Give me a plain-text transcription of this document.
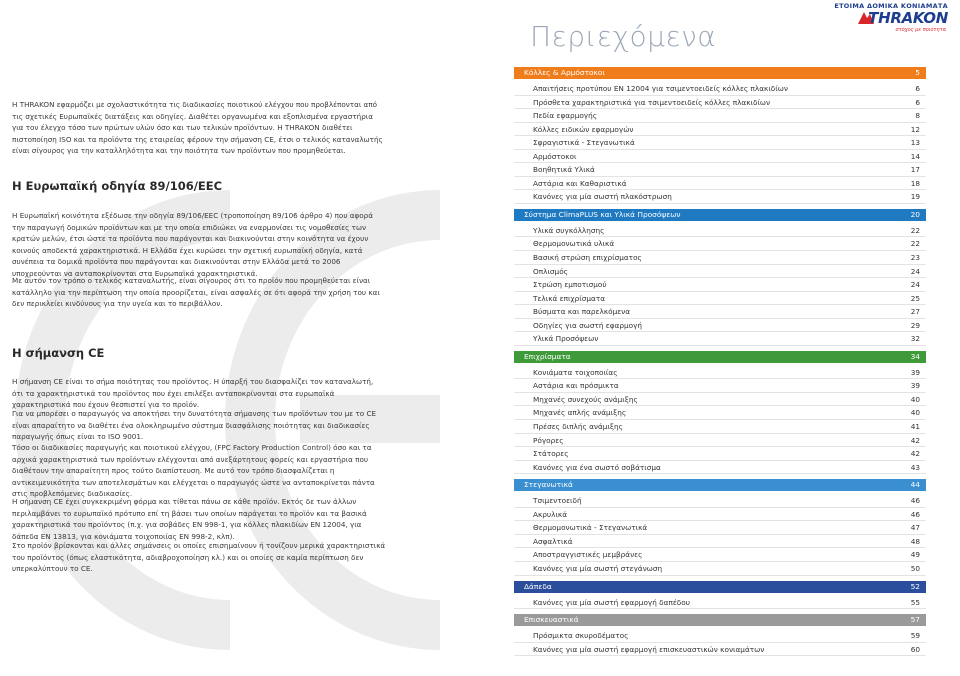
ΕΤΟΙΜΑ ΔΟΜΙΚΑ ΚΟΝΙΑΜΑΤΑ
THRAKON
στόχος με ποιότητα
Περιεχόμενα
Η THRAKON εφαρμόζει με σχολαστικότητα τις διαδικασίες ποιοτικού ελέγχου που προβλέπονται από τις σχετικές Ευρωπαϊκές διατάξεις και οδηγίες. Διαθέτει οργανωμένα και εξοπλισμένα εργαστήρια για τον έλεγχο τόσο των πρώτων υλών όσο και των τελικών προϊόντων. Η THRAKON διαθέτει πιστοποίηση ISO και τα προϊόντα της εταιρείας φέρουν την σήμανση CE, έτσι ο τελικός καταναλωτής είναι σίγουρος για την καταλληλότητα και την ποιότητα των προϊόντων που προμηθεύεται.
Η Ευρωπαϊκή οδηγία 89/106/ΕΕC
Η Ευρωπαϊκή κοινότητα εξέδωσε την οδηγία 89/106/ΕΕC (τροποποίηση 89/106 άρθρο 4) που αφορά την παραγωγή δομικών προϊόντων και με την οποία επιδιώκει να εναρμονίσει τις νομοθεσίες των κρατών μελών, έτσι ώστε τα προϊόντα που παράγονται και διακινούνται στην κοινότητα να έχουν κοινούς αποδεκτά χαρακτηριστικά. Η Ελλάδα έχει κυρώσει την σχετική ευρωπαϊκή οδηγία, κατά συνέπεια τα δομικά προϊόντα που παράγονται και διακινούνται στην Ελλάδα μετά το 2006 υποχρεούνται να ανταποκρίνονται στα Ευρωπαϊκά χαρακτηριστικά.
Με αυτόν τον τρόπο ο τελικός καταναλωτής, είναι σίγουρος ότι το προϊόν που προμηθεύεται είναι κατάλληλο για την περίπτωση την οποία προορίζεται, είναι ασφαλές σε ότι αφορά την χρήση του και δεν περικλείει κινδύνους για την υγεία και το περιβάλλον.
Η σήμανση CE
Η σήμανση CE είναι το σήμα ποιότητας του προϊόντος. Η ύπαρξή του διασφαλίζει τον καταναλωτή, ότι τα χαρακτηριστικά του προϊόντος που έχει επιλέξει ανταποκρίνονται στα ευρωπαϊκά χαρακτηριστικά που έχουν θεσπιστεί για το προϊόν.
Για να μπορέσει ο παραγωγός να αποκτήσει την δυνατότητα σήμανσης των προϊόντων του με το CE είναι απαραίτητο να διαθέτει ένα ολοκληρωμένο σύστημα διασφάλισης ποιότητας και διαδικασίες παραγωγής όπως είναι το ISO 9001.
Τόσο οι διαδικασίες παραγωγής και ποιοτικού ελέγχου, (FPC Factory Production Control) όσο και τα αρχικά χαρακτηριστικά των προϊόντων ελέγχονται από ανεξάρτητους φορείς και εργαστήρια που διαθέτουν την απαραίτητη προς τούτο διαπίστευση. Με αυτό τον τρόπο διασφαλίζεται η αντικειμενικότητα των αποτελεσμάτων και ελέγχεται ο παραγωγός ώστε να ανταποκρίνεται πάντα στις προβλεπόμενες διαδικασίες.
Η σήμανση CE έχει συγκεκριμένη φόρμα και τίθεται πάνω σε κάθε προϊόν. Εκτός δε των άλλων περιλαμβάνει το ευρωπαϊκό πρότυπο επί τη βάσει των οποίων παράγεται το προϊόν και τα βασικά χαρακτηριστικά του προϊόντος (π.χ. για σοβάδες EN 998-1, για κόλλες πλακιδίων EN 12004, για δάπεδα EN 13813, για κονιάματα τοιχοποιίας EN 998-2, κλπ).
Στο προϊόν βρίσκονται και άλλες σημάνσεις οι οποίες επισημαίνουν ή τονίζουν μερικά χαρακτηριστικά του προϊόντος (όπως ελαστικότητα, αδιαβροχοποίηση κλ.) και οι οποίες σε καμία περίπτωση δεν υπερκαλύπτουν το CE.
Κόλλες & Αρμόστοκοι	5
Απαιτήσεις προτύπου ΕΝ 12004 για τσιμεντοειδείς κόλλες πλακιδίων	6
Πρόσθετα χαρακτηριστικά για τσιμεντοειδείς κόλλες πλακιδίων	6
Πεδία εφαρμογής	8
Κόλλες ειδικών εφαρμογών	12
Σφραγιστικά - Στεγανωτικά	13
Αρμόστοκοι	14
Βοηθητικά Υλικά	17
Αστάρια και Καθαριστικά	18
Κανόνες για μία σωστή πλακόστρωση	19
Σύστημα ClimaPLUS και Υλικά Προσόψεων	20
Υλικά συγκόλλησης	22
Θερμομονωτικά υλικά	22
Βασική στρώση επιχρίσματος	23
Οπλισμός	24
Στρώση εμποτισμού	24
Τελικά επιχρίσματα	25
Βύσματα και παρελκόμενα	27
Οδηγίες για σωστή εφαρμογή	29
Υλικά Προσόψεων	32
Επιχρίσματα	34
Κονιάματα τοιχοποιίας	39
Αστάρια και πρόσμικτα	39
Μηχανές συνεχούς ανάμιξης	40
Μηχανές απλής ανάμιξης	40
Πρέσες διπλής ανάμιξης	41
Ρόγορες	42
Στάτορες	42
Κανόνες για ένα σωστό σοβάτισμα	43
Στεγανωτικά	44
Τσιμεντοειδή	46
Ακρυλικά	46
Θερμομονωτικά - Στεγανωτικά	47
Ασφαλτικά	48
Αποστραγγιστικές μεμβράνες	49
Κανόνες για μία σωστή στεγάνωση	50
Δάπεδα	52
Κανόνες για μία σωστή εφαρμογή δαπέδου	55
Επισκευαστικά	57
Πρόσμικτα σκυροδέματος	59
Κανόνες για μία σωστή εφαρμογή επισκευαστικών κονιαμάτων	60
